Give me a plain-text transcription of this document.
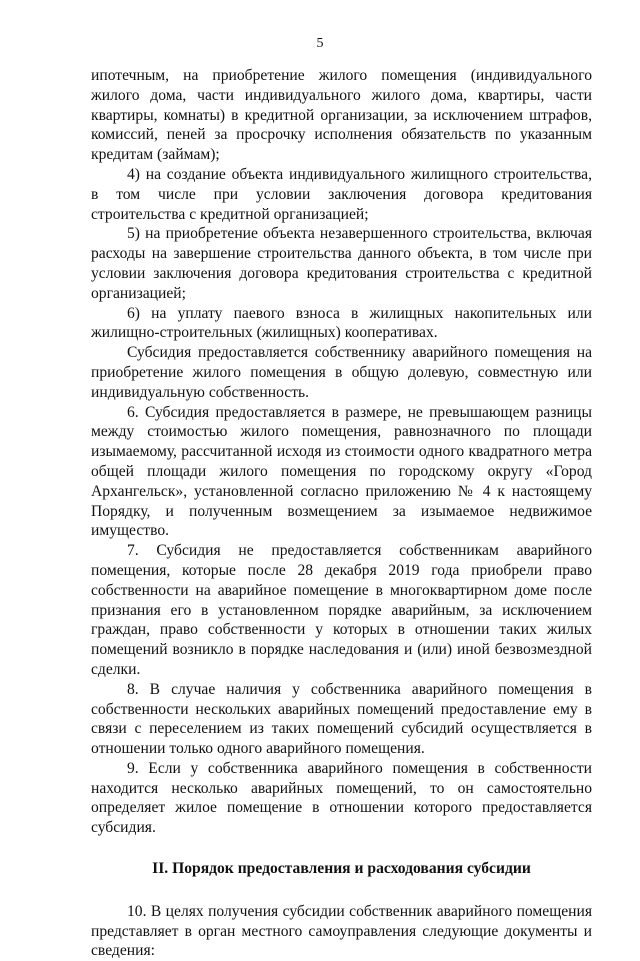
5

ипотечным, на приобретение жилого помещения (индивидуального жилого дома, части индивидуального жилого дома, квартиры, части квартиры, комнаты) в кредитной организации, за исключением штрафов, комиссий, пеней за просрочку исполнения обязательств по указанным кредитам (займам);

4) на создание объекта индивидуального жилищного строительства, в том числе при условии заключения договора кредитования строительства с кредитной организацией;

5) на приобретение объекта незавершенного строительства, включая расходы на завершение строительства данного объекта, в том числе при условии заключения договора кредитования строительства с кредитной организацией;

6) на уплату паевого взноса в жилищных накопительных или жилищно-строительных (жилищных) кооперативах.

Субсидия предоставляется собственнику аварийного помещения на приобретение жилого помещения в общую долевую, совместную или индивидуальную собственность.

6. Субсидия предоставляется в размере, не превышающем разницы между стоимостью жилого помещения, равнозначного по площади изымаемому, рассчитанной исходя из стоимости одного квадратного метра общей площади жилого помещения по городскому округу «Город Архангельск», установленной согласно приложению № 4 к настоящему Порядку, и полученным возмещением за изымаемое недвижимое имущество.

7. Субсидия не предоставляется собственникам аварийного помещения, которые после 28 декабря 2019 года приобрели право собственности на аварийное помещение в многоквартирном доме после признания его в установленном порядке аварийным, за исключением граждан, право собственности у которых в отношении таких жилых помещений возникло в порядке наследования и (или) иной безвозмездной сделки.

8. В случае наличия у собственника аварийного помещения в собственности нескольких аварийных помещений предоставление ему в связи с переселением из таких помещений субсидий осуществляется в отношении только одного аварийного помещения.

9. Если у собственника аварийного помещения в собственности находится несколько аварийных помещений, то он самостоятельно определяет жилое помещение в отношении которого предоставляется субсидия.

II. Порядок предоставления и расходования субсидии

10. В целях получения субсидии собственник аварийного помещения представляет в орган местного самоуправления следующие документы и сведения:
